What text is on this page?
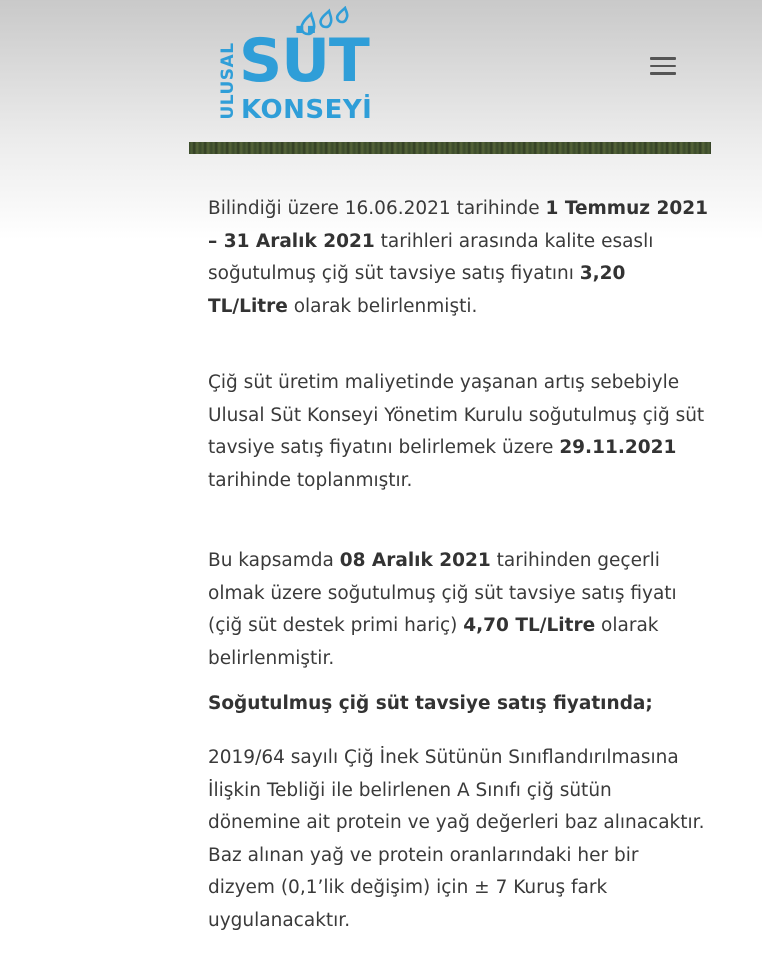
ULUSAL SÜT
KONSEYİ

Bilindiği üzere 16.06.2021 tarihinde 1 Temmuz 2021 – 31 Aralık 2021 tarihleri arasında kalite esaslı soğutulmuş çiğ süt tavsiye satış fiyatını 3,20 TL/Litre olarak belirlenmişti.

Çiğ süt üretim maliyetinde yaşanan artış sebebiyle Ulusal Süt Konseyi Yönetim Kurulu soğutulmuş çiğ süt tavsiye satış fiyatını belirlemek üzere 29.11.2021 tarihinde toplanmıştır.

Bu kapsamda 08 Aralık 2021 tarihinden geçerli olmak üzere soğutulmuş çiğ süt tavsiye satış fiyatı (çiğ süt destek primi hariç) 4,70 TL/Litre olarak belirlenmiştir.

Soğutulmuş çiğ süt tavsiye satış fiyatında;

2019/64 sayılı Çiğ İnek Sütünün Sınıflandırılmasına İlişkin Tebliği ile belirlenen A Sınıfı çiğ sütün dönemine ait protein ve yağ değerleri baz alınacaktır. Baz alınan yağ ve protein oranlarındaki her bir dizyem (0,1’lik değişim) için ± 7 Kuruş fark uygulanacaktır.
